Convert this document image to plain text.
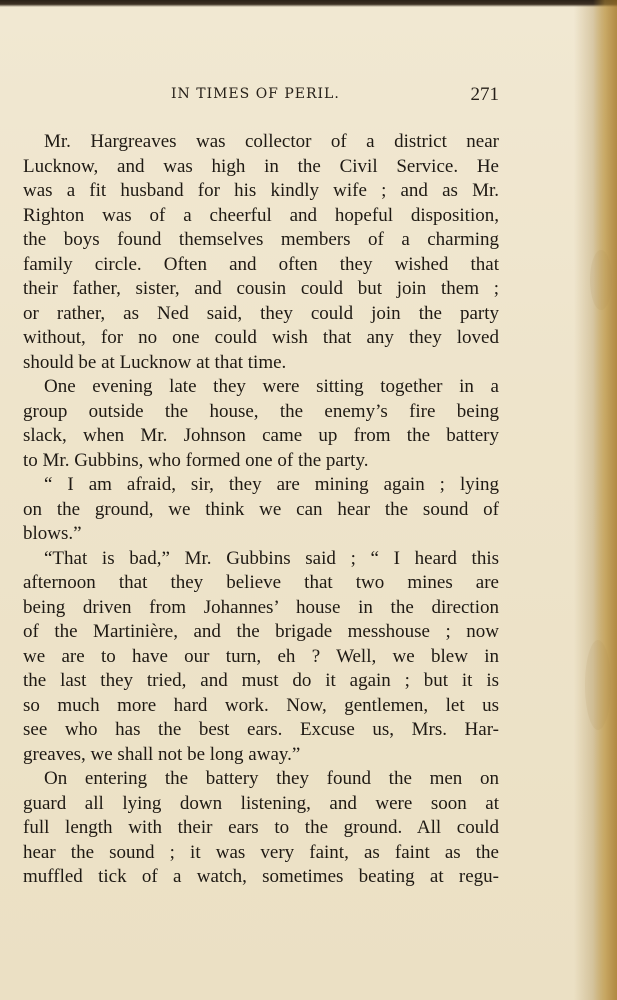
IN TIMES OF PERIL.	271
Mr. Hargreaves was collector of a district near
Lucknow, and was high in the Civil Service. He
was a fit husband for his kindly wife ; and as Mr.
Righton was of a cheerful and hopeful disposition,
the boys found themselves members of a charming
family circle. Often and often they wished that
their father, sister, and cousin could but join them ;
or rather, as Ned said, they could join the party
without, for no one could wish that any they loved
should be at Lucknow at that time.
One evening late they were sitting together in a
group outside the house, the enemy’s fire being
slack, when Mr. Johnson came up from the battery
to Mr. Gubbins, who formed one of the party.
“ I am afraid, sir, they are mining again ; lying
on the ground, we think we can hear the sound of
blows.”
“That is bad,” Mr. Gubbins said ; “ I heard this
afternoon that they believe that two mines are
being driven from Johannes’ house in the direction
of the Martinière, and the brigade messhouse ; now
we are to have our turn, eh ? Well, we blew in
the last they tried, and must do it again ; but it is
so much more hard work. Now, gentlemen, let us
see who has the best ears. Excuse us, Mrs. Har-
greaves, we shall not be long away.”
On entering the battery they found the men on
guard all lying down listening, and were soon at
full length with their ears to the ground. All could
hear the sound ; it was very faint, as faint as the
muffled tick of a watch, sometimes beating at regu-
